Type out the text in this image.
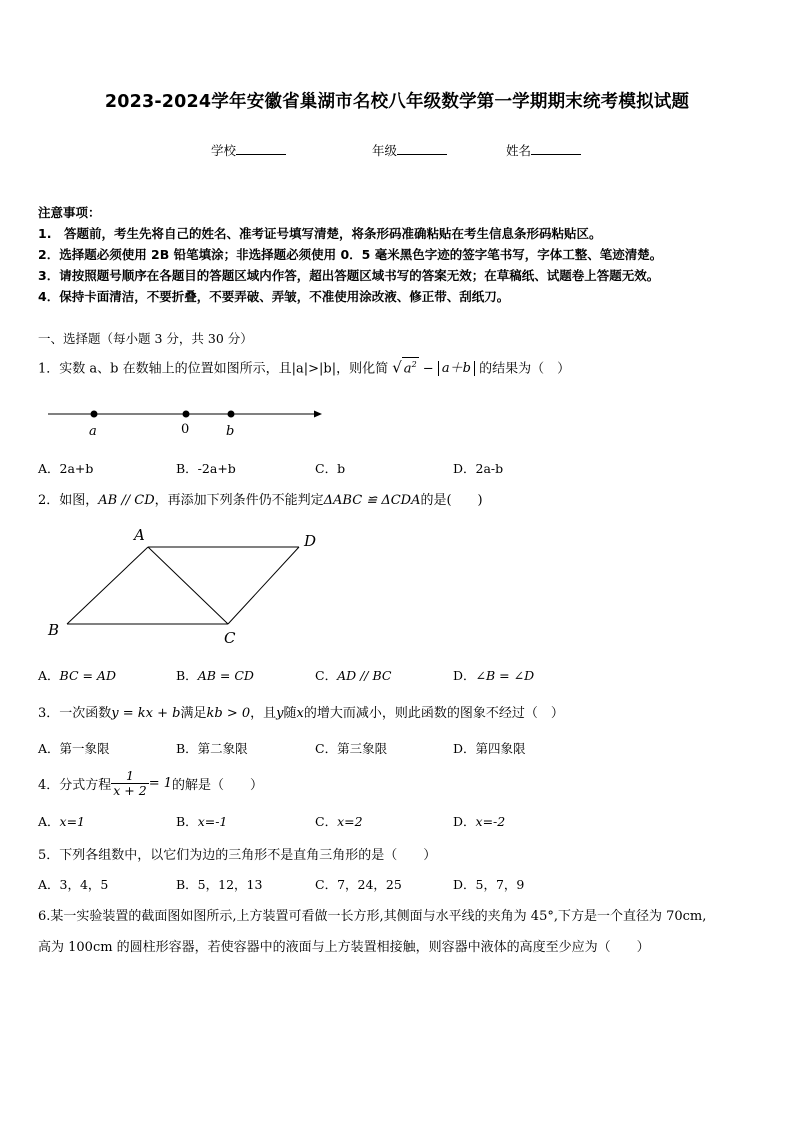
2023-2024学年安徽省巢湖市名校八年级数学第一学期期末统考模拟试题
学校	年级	姓名
注意事项：
1.　答题前，考生先将自己的姓名、准考证号填写清楚，将条形码准确粘贴在考生信息条形码粘贴区。
2．选择题必须使用 2B 铅笔填涂；非选择题必须使用 0．5 毫米黑色字迹的签字笔书写，字体工整、笔迹清楚。
3．请按照题号顺序在各题目的答题区域内作答，超出答题区域书写的答案无效；在草稿纸、试题卷上答题无效。
4．保持卡面清洁，不要折叠，不要弄破、弄皱，不准使用涂改液、修正带、刮纸刀。
一、选择题（每小题 3 分，共 30 分）
1．实数 a、b 在数轴上的位置如图所示，且|a|>|b|，则化简 √ $a^2 - a+b$ 的结果为（　）
a	0	b
A．2a+b	B．-2a+b	C．b	D．2a-b
2．如图，AB // CD，再添加下列条件仍不能判定ΔABC ≌ ΔCDA的是(　　)
A	D
B	C
A．BC = AD	B．AB = CD	C．AD // BC	D．∠B = ∠D
3．一次函数y = kx + b满足kb > 0，且y随x的增大而减小，则此函数的图象不经过（　）
A．第一象限	B．第二象限	C．第三象限	D．第四象限
4．分式方程 $\frac{1}{x + 2} = 1$ 的解是（　　）
A．x=1	B．x=-1	C．x=2	D．x=-2
5．下列各组数中，以它们为边的三角形不是直角三角形的是（　　）
A．3，4，5	B．5，12，13	C．7，24，25	D．5，7，9
6.某一实验装置的截面图如图所示,上方装置可看做一长方形,其侧面与水平线的夹角为 45°,下方是一个直径为 70cm,
高为 100cm 的圆柱形容器，若使容器中的液面与上方装置相接触，则容器中液体的高度至少应为（　　）
